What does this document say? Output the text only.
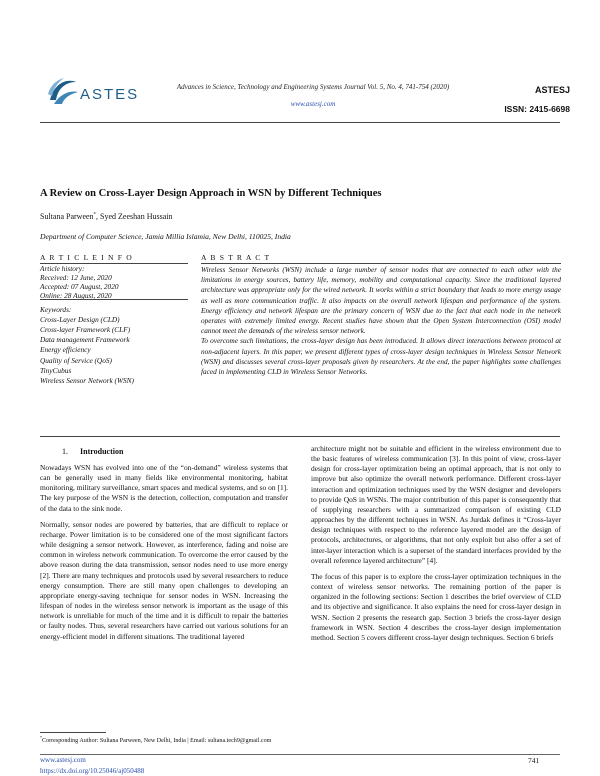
ASTES	Advances in Science, Technology and Engineering Systems Journal Vol. 5, No. 4, 741-754 (2020)
www.astesj.com
ASTESJ
ISSN: 2415-6698
A Review on Cross-Layer Design Approach in WSN by Different Techniques
Sultana Parween*, Syed Zeeshan Hussain
Department of Computer Science, Jamia Millia Islamia, New Delhi, 110025, India
A R T I C L E I N F O	A B S T R A C T
Article history:
Received: 12 June, 2020
Accepted: 07 August, 2020
Online: 28 August, 2020
Keywords:
Cross-Layer Design (CLD)
Cross-layer Framework (CLF)
Data management Framework
Energy efficiency
Quality of Service (QoS)
TinyCubus
Wireless Sensor Network (WSN)

Wireless Sensor Networks (WSN) include a large number of sensor nodes that are connected to each other with the limitations in energy sources, battery life, memory, mobility and computational capacity. Since the traditional layered architecture was appropriate only for the wired network. It works within a strict boundary that leads to more energy usage as well as more communication traffic. It also impacts on the overall network lifespan and performance of the system. Energy efficiency and network lifespan are the primary concern of WSN due to the fact that each node in the network operates with extremely limited energy. Recent studies have shown that the Open System Interconnection (OSI) model cannot meet the demands of the wireless sensor network.

To overcome such limitations, the cross-layer design has been introduced. It allows direct interactions between protocol at non-adjacent layers. In this paper, we present different types of cross-layer design techniques in Wireless Sensor Network (WSN) and discusses several cross-layer proposals given by researchers. At the end, the paper highlights some challenges faced in implementing CLD in Wireless Sensor Networks.

1. Introduction

Nowadays WSN has evolved into one of the “on-demand” wireless systems that can be generally used in many fields like environmental monitoring, habitat monitoring, military surveillance, smart spaces and medical systems, and so on [1]. The key purpose of the WSN is the detection, collection, computation and transfer of the data to the sink node.

Normally, sensor nodes are powered by batteries, that are difficult to replace or recharge. Power limitation is to be considered one of the most significant factors while designing a sensor network. However, as interference, fading and noise are common in wireless network communication. To overcome the error caused by the above reason during the data transmission, sensor nodes need to use more energy [2]. There are many techniques and protocols used by several researchers to reduce energy consumption. There are still many open challenges to developing an appropriate energy-saving technique for sensor nodes in WSN. Increasing the lifespan of nodes in the wireless sensor network is important as the usage of this network is unreliable for much of the time and it is difficult to repair the batteries or faulty nodes. Thus, several researchers have carried out various solutions for an energy-efficient model in different situations. The traditional layered

architecture might not be suitable and efficient in the wireless environment due to the basic features of wireless communication [3]. In this point of view, cross-layer design for cross-layer optimization being an optimal approach, that is not only to improve but also optimize the overall network performance. Different cross-layer interaction and optimization techniques used by the WSN designer and developers to provide QoS in WSNs. The major contribution of this paper is consequently that of supplying researchers with a summarized comparison of existing CLD approaches by the different techniques in WSN. As Jurdak defines it “Cross-layer design techniques with respect to the reference layered model are the design of protocols, architectures, or algorithms, that not only exploit but also offer a set of inter-layer interaction which is a superset of the standard interfaces provided by the overall reference layered architecture” [4].

The focus of this paper is to explore the cross-layer optimization techniques in the context of wireless sensor networks. The remaining portion of the paper is organized in the following sections: Section 1 describes the brief overview of CLD and its objective and significance. It also explains the need for cross-layer design in WSN. Section 2 presents the research gap. Section 3 briefs the cross-layer design framework in WSN. Section 4 describes the cross-layer design implementation method. Section 5 covers different cross-layer design techniques. Section 6 briefs

*Corresponding Author: Sultana Parween, New Delhi, India | Email: sultana.tech9@gmail.com
www.astesj.com
https://dx.doi.org/10.25046/aj050488
741
